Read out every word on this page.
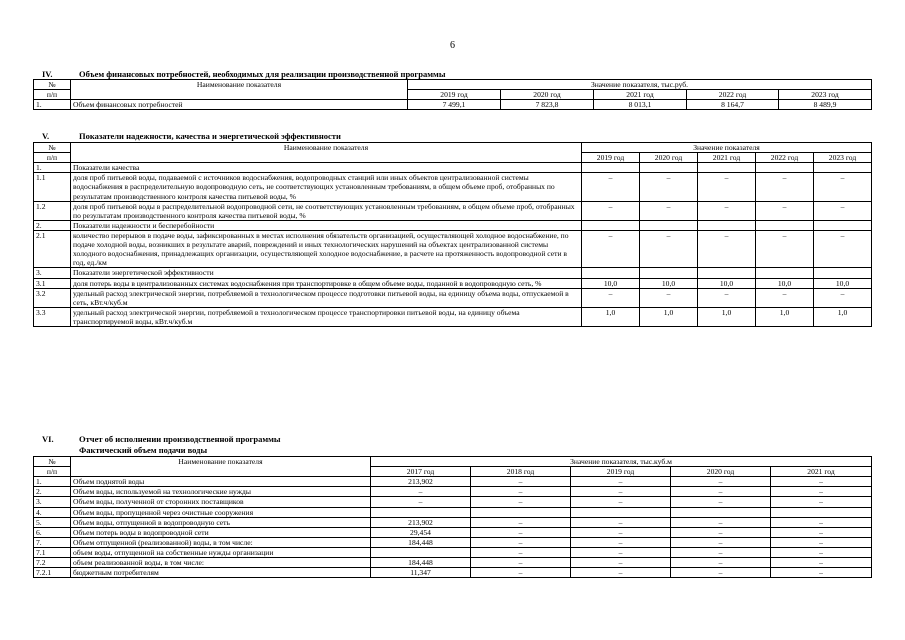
6
IV.	Объем финансовых потребностей, необходимых для реализации производственной программы
№	Наименование показателя	Значение показателя, тыс.руб.				
п/п		2019 год	2020 год	2021 год	2022 год	2023 год
1.	Объем финансовых потребностей	7 499,1	7 823,8	8 013,1	8 164,7	8 489,9
V.	Показатели надежности, качества и энергетической эффективности
№	Наименование показателя	Значение показателя				
п/п		2019 год	2020 год	2021 год	2022 год	2023 год
1.	Показатели качества					
1.1	доля проб питьевой воды, подаваемой с источников водоснабжения, водопроводных станций или иных объектов централизованной системы водоснабжения в распределительную водопроводную сеть, не соответствующих установленным требованиям, в общем объеме проб, отобранных по результатам производственного контроля качества питьевой воды, %	–	–	–	–	–
1.2	доля проб питьевой воды в распределительной водопроводной сети, не соответствующих установленным требованиям, в общем объеме проб, отобранных по результатам производственного контроля качества питьевой воды, %	–	–	–	–	–
2.	Показатели надежности и бесперебойности					
2.1	количество перерывов в подаче воды, зафиксированных в местах исполнения обязательств организацией, осуществляющей холодное водоснабжение, по подаче холодной воды, возникших в результате аварий, повреждений и иных технологических нарушений на объектах централизованной системы холодного водоснабжения, принадлежащих организации, осуществляющей холодное водоснабжение, в расчете на протяженность водопроводной сети в год, ед./км	–	–	–	–	–
3.	Показатели энергетической эффективности					
3.1	доля потерь воды в централизованных системах водоснабжения при транспортировке в общем объеме воды, поданной в водопроводную сеть, %	10,0	10,0	10,0	10,0	10,0
3.2	удельный расход электрической энергии, потребляемой в технологическом процессе подготовки питьевой воды, на единицу объема воды, отпускаемой в сеть, кВт.ч/куб.м	–	–	–	–	–
3.3	удельный расход электрической энергии, потребляемой в технологическом процессе транспортировки питьевой воды, на единицу объема транспортируемой воды, кВт.ч/куб.м	1,0	1,0	1,0	1,0	1,0
VI.	Отчет об исполнении производственной программы
Фактический объем подачи воды
№	Наименование показателя	Значение показателя, тыс.куб.м				
п/п		2017 год	2018 год	2019 год	2020 год	2021 год
1.	Объем поднятой воды	213,902	–	–	–	–
2.	Объем воды, используемой на технологические нужды	–	–	–	–	–
3.	Объем воды, полученной от сторонних поставщиков	–	–	–	–	–
4.	Объем воды, пропущенной через очистные сооружения					
5.	Объем воды, отпущенной в водопроводную сеть	213,902	–	–	–	–
6.	Объем потерь воды в водопроводной сети	29,454	–	–	–	–
7.	Объем отпущенной (реализованной) воды, в том числе:	184,448	–	–	–	–
7.1	объем воды, отпущенной на собственные нужды организации		–	–	–	–
7.2	объем реализованной воды, в том числе:	184,448	–	–	–	–
7.2.1	бюджетным потребителям	11,347	–	–	–	–
